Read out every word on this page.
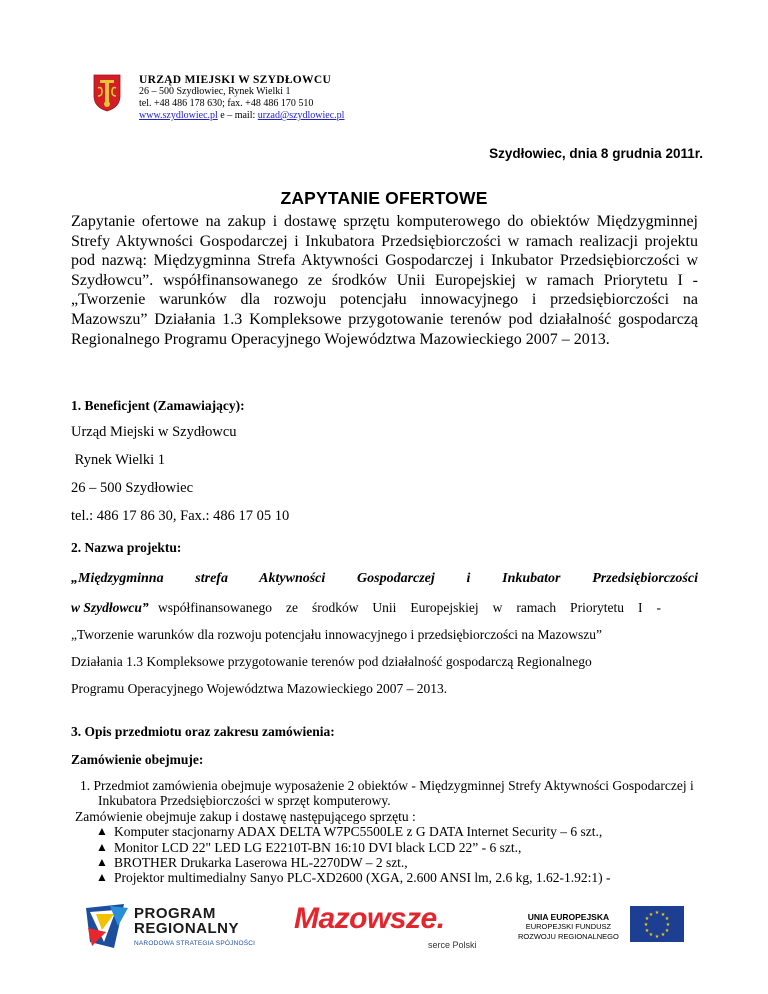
URZĄD MIEJSKI W SZYDŁOWCU
26 – 500 Szydłowiec, Rynek Wielki 1
tel. +48 486 178 630; fax. +48 486 170 510
www.szydlowiec.pl e – mail: urzad@szydlowiec.pl
Szydłowiec, dnia 8 grudnia 2011r.
ZAPYTANIE OFERTOWE
Zapytanie ofertowe na zakup i dostawę sprzętu komputerowego do obiektów Międzygminnej Strefy Aktywności Gospodarczej i Inkubatora Przedsiębiorczości w ramach realizacji projektu pod nazwą: Międzygminna Strefa Aktywności Gospodarczej i Inkubator Przedsiębiorczości w Szydłowcu”. współfinansowanego ze środków Unii Europejskiej w ramach Priorytetu I - „Tworzenie warunków dla rozwoju potencjału innowacyjnego i przedsiębiorczości na Mazowszu” Działania 1.3 Kompleksowe przygotowanie terenów pod działalność gospodarczą Regionalnego Programu Operacyjnego Województwa Mazowieckiego 2007 – 2013.
1. Beneficjent (Zamawiający):
Urząd Miejski w Szydłowcu
Rynek Wielki 1
26 – 500 Szydłowiec
tel.: 486 17 86 30, Fax.: 486 17 05 10
2. Nazwa projektu:
„Międzygminna strefa Aktywności Gospodarczej i Inkubator Przedsiębiorczości
w Szydłowcu” współfinansowanego ze środków Unii Europejskiej w ramach Priorytetu I -
„Tworzenie warunków dla rozwoju potencjału innowacyjnego i przedsiębiorczości na Mazowszu”
Działania 1.3 Kompleksowe przygotowanie terenów pod działalność gospodarczą Regionalnego
Programu Operacyjnego Województwa Mazowieckiego 2007 – 2013.
3. Opis przedmiotu oraz zakresu zamówienia:
Zamówienie obejmuje:
1. Przedmiot zamówienia obejmuje wyposażenie 2 obiektów - Międzygminnej Strefy Aktywności Gospodarczej i Inkubatora Przedsiębiorczości w sprzęt komputerowy.
Zamówienie obejmuje zakup i dostawę następującego sprzętu :
▲ Komputer stacjonarny ADAX DELTA W7PC5500LE z G DATA Internet Security – 6 szt.,
▲ Monitor LCD 22" LED LG E2210T-BN 16:10 DVI black LCD 22” - 6 szt.,
▲ BROTHER Drukarka Laserowa HL-2270DW – 2 szt.,
▲ Projektor multimedialny Sanyo PLC-XD2600 (XGA, 2.600 ANSI lm, 2.6 kg, 1.62-1.92:1) -
PROGRAM
REGIONALNY
NARODOWA STRATEGIA SPÓJNOŚCI
Mazowsze.
serce Polski
UNIA EUROPEJSKA
EUROPEJSKI FUNDUSZ
ROZWOJU REGIONALNEGO
★ ★
★
★
★
★
★
★
★
★
★
★
